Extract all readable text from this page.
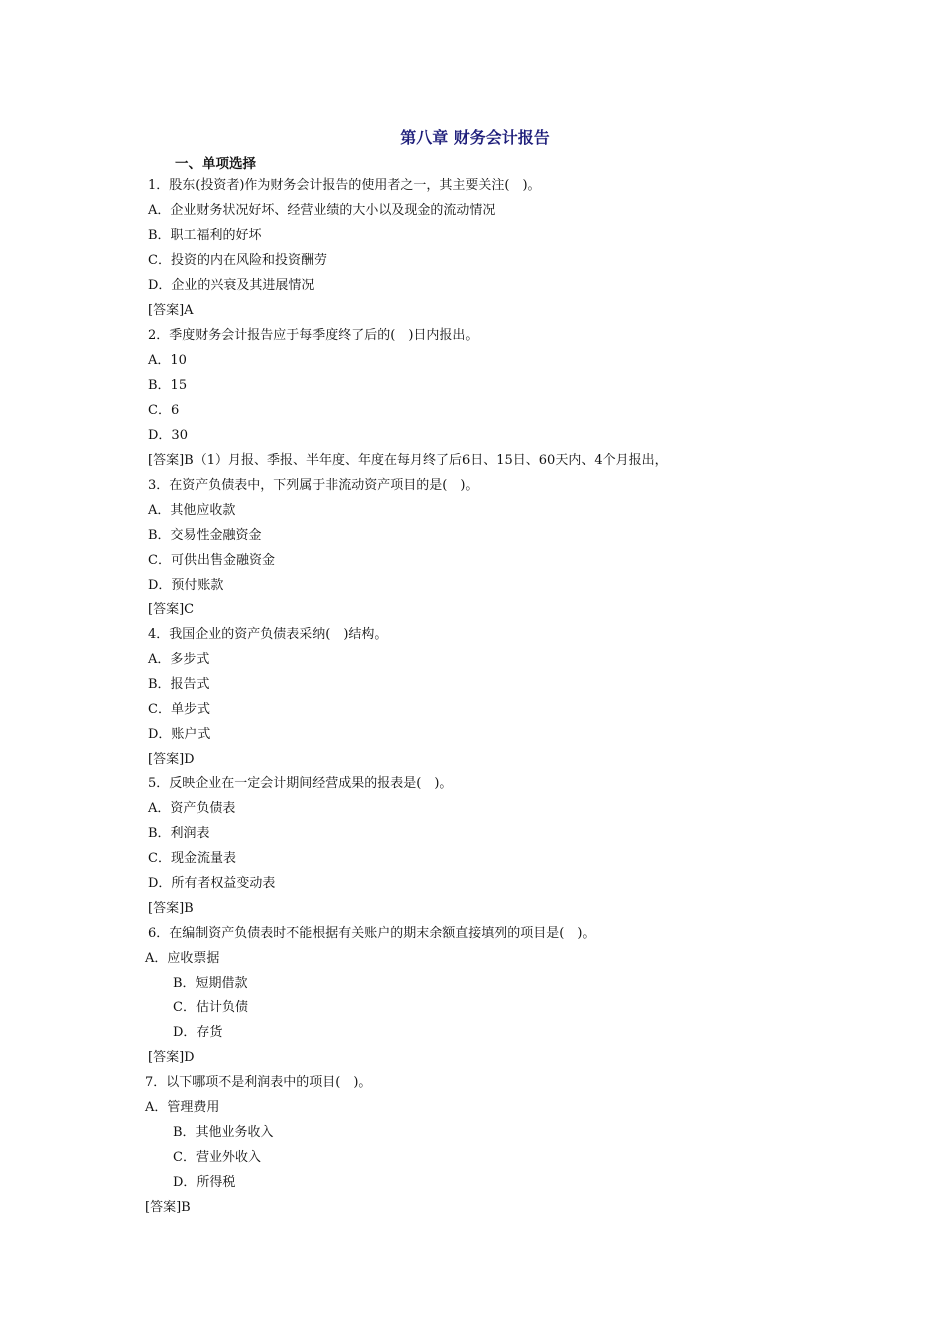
第八章 财务会计报告
一、单项选择
1．股东(投资者)作为财务会计报告的使用者之一，其主要关注(　)。
A．企业财务状况好坏、经营业绩的大小以及现金的流动情况
B．职工福利的好坏
C．投资的内在风险和投资酬劳
D．企业的兴衰及其进展情况
[答案]A
2．季度财务会计报告应于每季度终了后的(　)日内报出。
A．10
B．15
C．6
D．30
[答案]B（1）月报、季报、半年度、年度在每月终了后6日、15日、60天内、4个月报出，
3．在资产负债表中，下列属于非流动资产项目的是(　)。
A．其他应收款
B．交易性金融资金
C．可供出售金融资金
D．预付账款
[答案]C
4．我国企业的资产负债表采纳(　)结构。
A．多步式
B．报告式
C．单步式
D．账户式
[答案]D
5．反映企业在一定会计期间经营成果的报表是(　)。
A．资产负债表
B．利润表
C．现金流量表
D．所有者权益变动表
[答案]B
6．在编制资产负债表时不能根据有关账户的期末余额直接填列的项目是(　)。
A．应收票据
B．短期借款
C．估计负债
D．存货
[答案]D
7．以下哪项不是利润表中的项目(　)。
A．管理费用
B．其他业务收入
C．营业外收入
D．所得税
[答案]B
